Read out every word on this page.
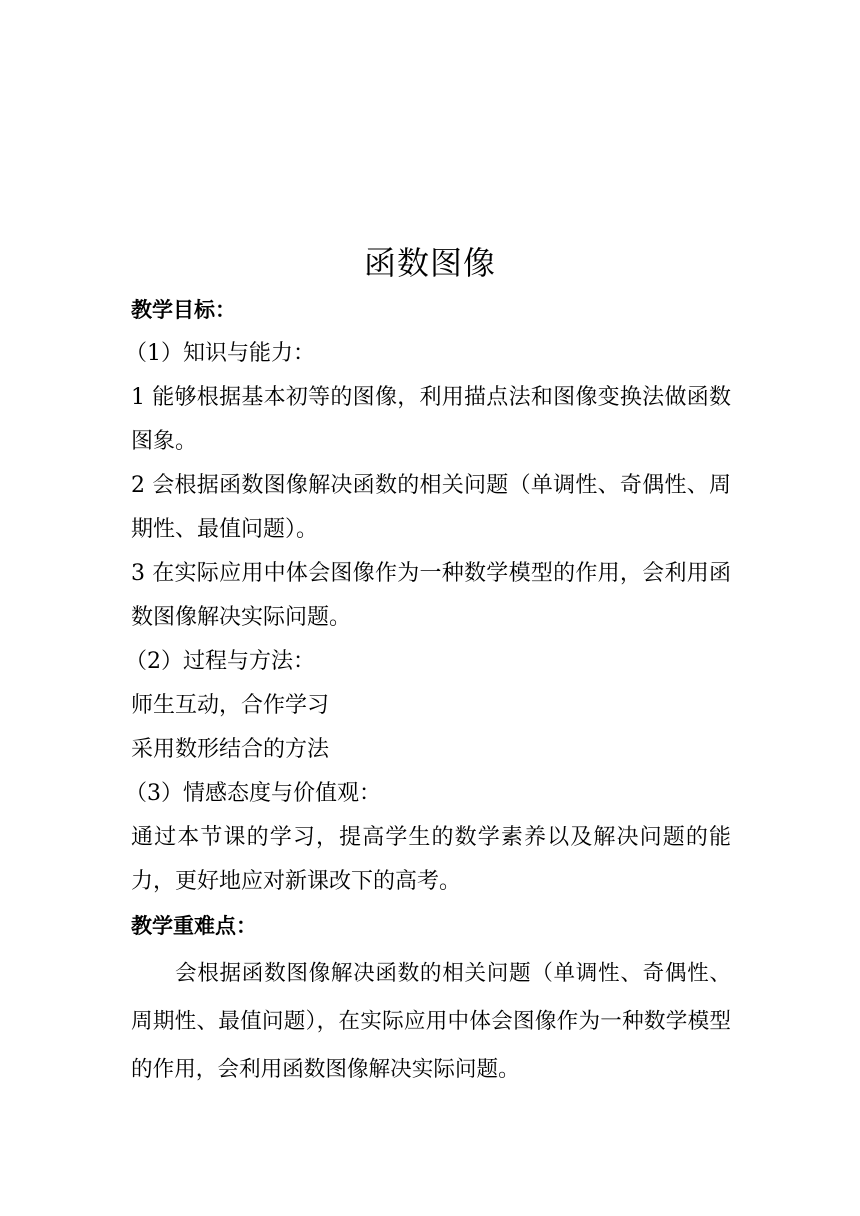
函数图像

教学目标：

（1）知识与能力：

1 能够根据基本初等的图像，利用描点法和图像变换法做函数图象。

2 会根据函数图像解决函数的相关问题（单调性、奇偶性、周期性、最值问题）。

3 在实际应用中体会图像作为一种数学模型的作用，会利用函数图像解决实际问题。

（2）过程与方法：

师生互动，合作学习

采用数形结合的方法

（3）情感态度与价值观：

通过本节课的学习，提高学生的数学素养以及解决问题的能力，更好地应对新课改下的高考。

教学重难点：

会根据函数图像解决函数的相关问题（单调性、奇偶性、周期性、最值问题），在实际应用中体会图像作为一种数学模型的作用，会利用函数图像解决实际问题。
